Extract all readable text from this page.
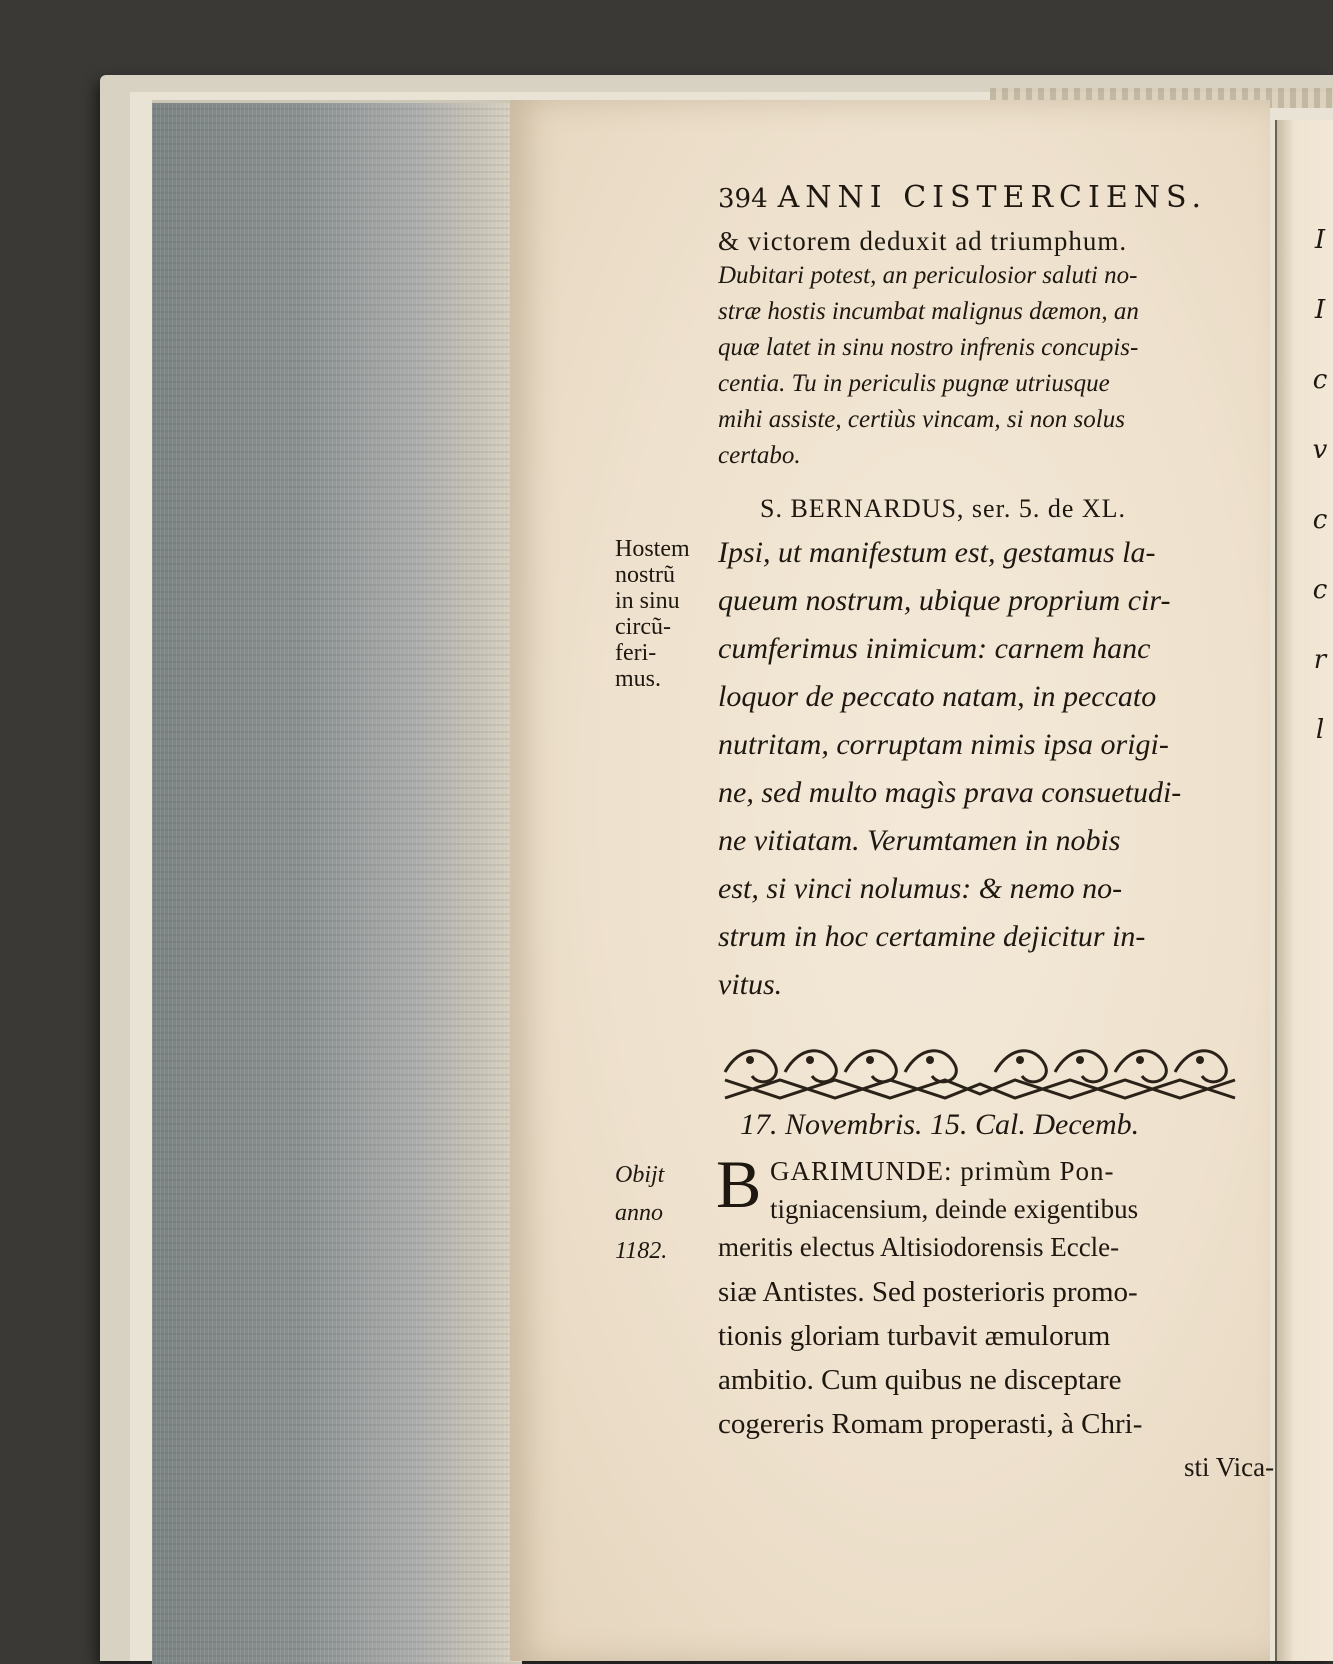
I
I
c
v
c
c
r
l
394 ANNI CISTERCIENS.
& victorem deduxit ad triumphum.
Dubitari potest, an periculosior saluti no-
stræ hostis incumbat malignus dæmon, an
quæ latet in sinu nostro infrenis concupis-
centia. Tu in periculis pugnæ utriusque
mihi assiste, certiùs vincam, si non solus
certabo.
S. BERNARDUS, ser. 5. de XL.
Ipsi, ut manifestum est, gestamus la-
queum nostrum, ubique proprium cir-
cumferimus inimicum: carnem hanc
loquor de peccato natam, in peccato
nutritam, corruptam nimis ipsa origi-
ne, sed multo magìs prava consuetudi-
ne vitiatam. Verumtamen in nobis
est, si vinci nolumus: & nemo no-
strum in hoc certamine dejicitur in-
vitus.
Hostem
nostrũ
in sinu
circũ-
feri-
mus.
17. Novembris. 15. Cal. Decemb.
B GARIMUNDE: primùm Pon-
tigniacensium, deinde exigentibus
meritis electus Altisiodorensis Eccle-
siæ Antistes. Sed posterioris promo-
tionis gloriam turbavit æmulorum
ambitio. Cum quibus ne disceptare
cogereris Romam properasti, à Chri-
Obijt
anno
1182.
sti Vica-
